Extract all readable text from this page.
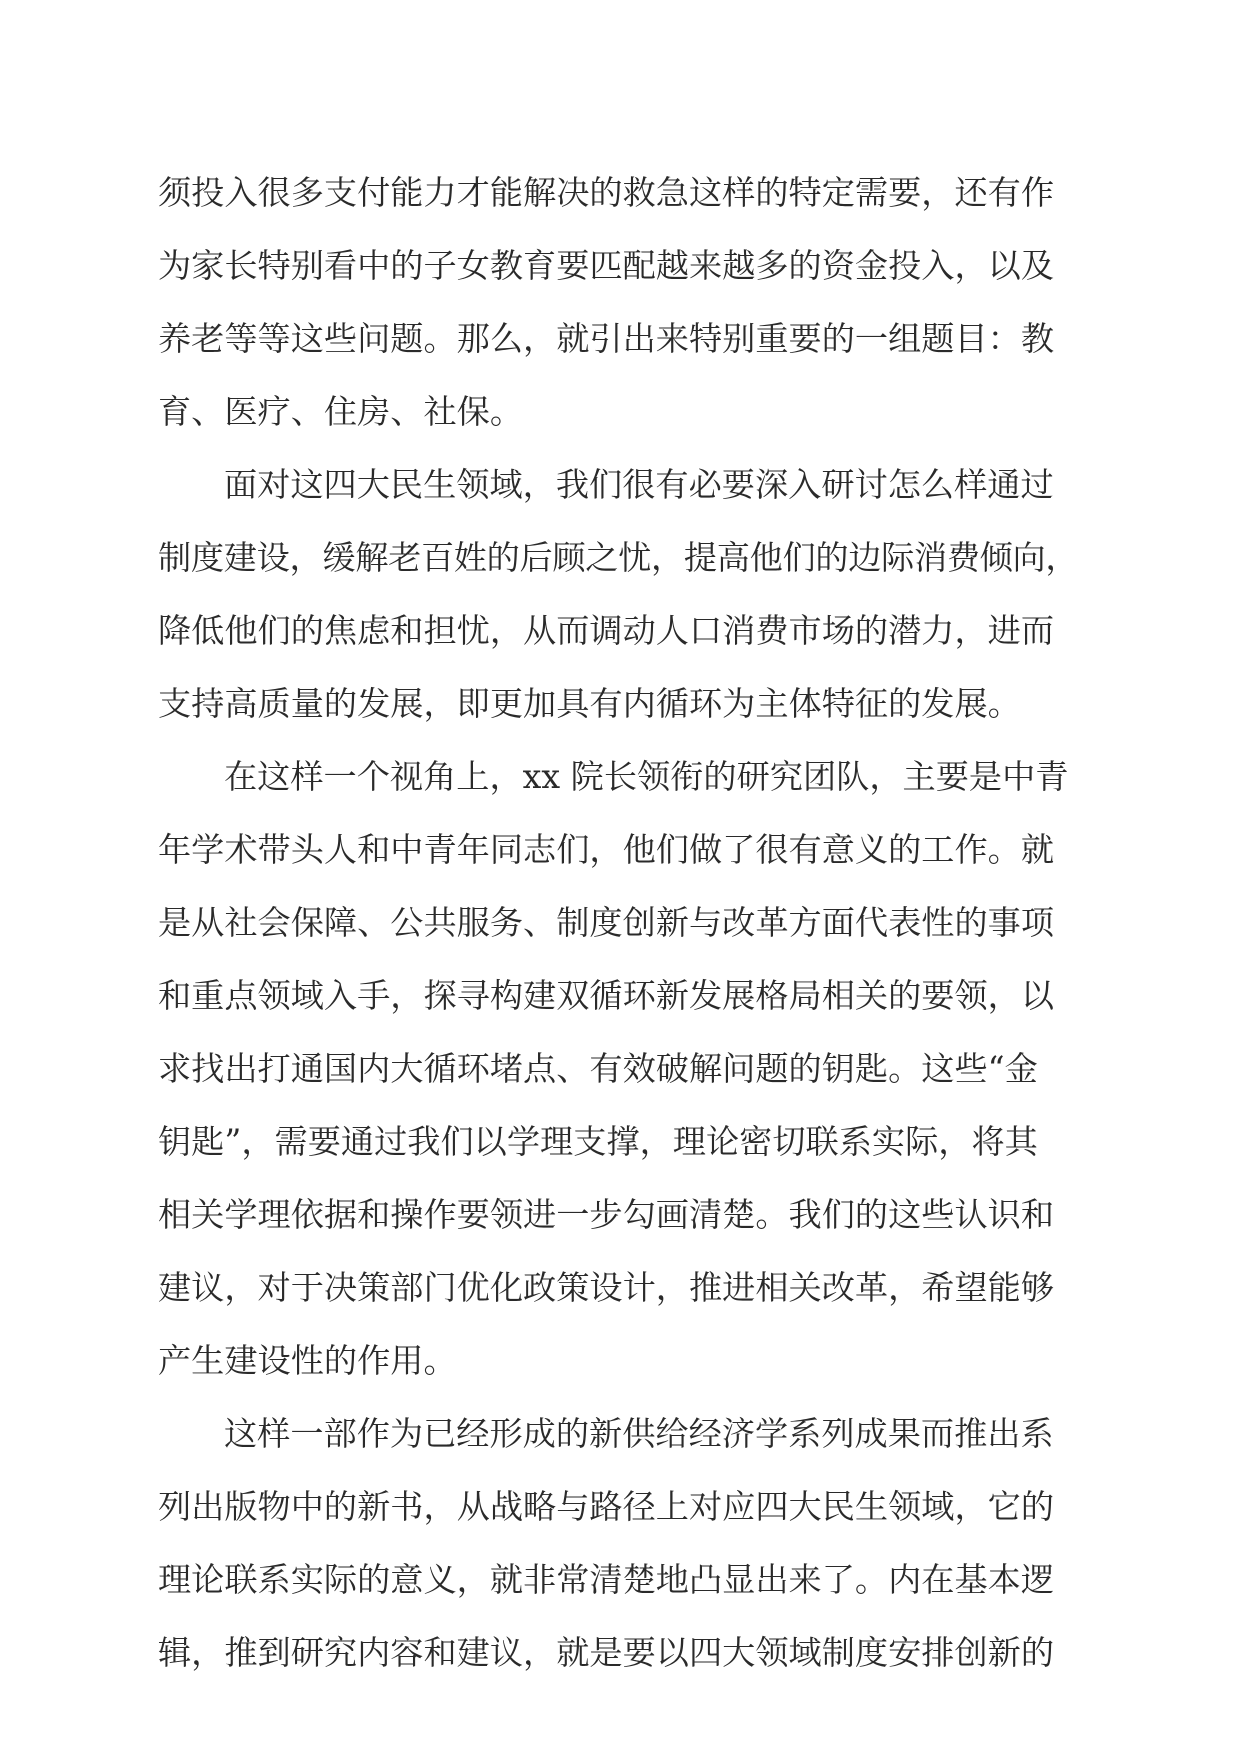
须投入很多支付能力才能解决的救急这样的特定需要，还有作
为家长特别看中的子女教育要匹配越来越多的资金投入，以及
养老等等这些问题。那么，就引出来特别重要的一组题目：教
育、医疗、住房、社保。
面对这四大民生领域，我们很有必要深入研讨怎么样通过
制度建设，缓解老百姓的后顾之忧，提高他们的边际消费倾向，
降低他们的焦虑和担忧，从而调动人口消费市场的潜力，进而
支持高质量的发展，即更加具有内循环为主体特征的发展。
在这样一个视角上，xx 院长领衔的研究团队，主要是中青
年学术带头人和中青年同志们，他们做了很有意义的工作。就
是从社会保障、公共服务、制度创新与改革方面代表性的事项
和重点领域入手，探寻构建双循环新发展格局相关的要领，以
求找出打通国内大循环堵点、有效破解问题的钥匙。这些“金
钥匙”，需要通过我们以学理支撑，理论密切联系实际，将其
相关学理依据和操作要领进一步勾画清楚。我们的这些认识和
建议，对于决策部门优化政策设计，推进相关改革，希望能够
产生建设性的作用。
这样一部作为已经形成的新供给经济学系列成果而推出系
列出版物中的新书，从战略与路径上对应四大民生领域，它的
理论联系实际的意义，就非常清楚地凸显出来了。内在基本逻
辑，推到研究内容和建议，就是要以四大领域制度安排创新的
